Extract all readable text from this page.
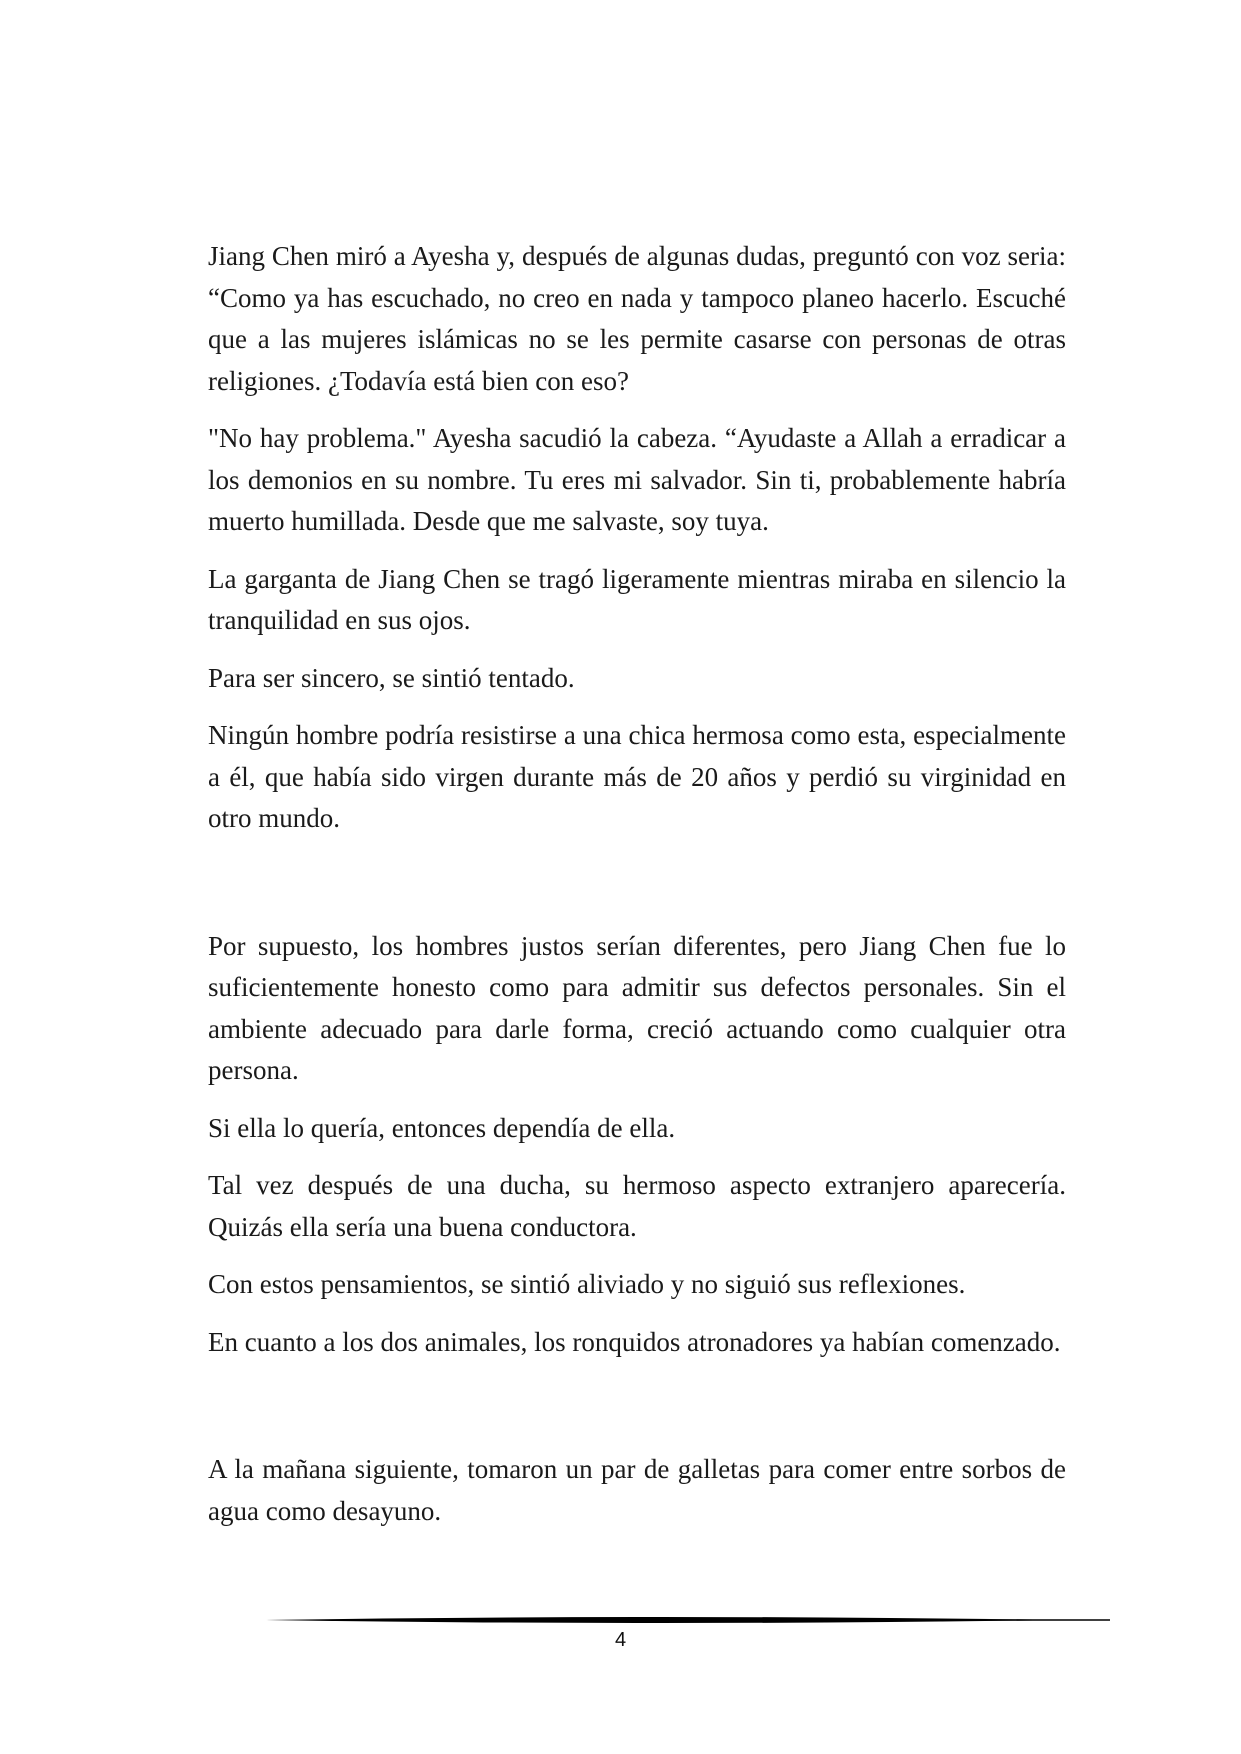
Jiang Chen miró a Ayesha y, después de algunas dudas, preguntó con voz seria: “Como ya has escuchado, no creo en nada y tampoco planeo hacerlo. Escuché que a las mujeres islámicas no se les permite casarse con personas de otras religiones. ¿Todavía está bien con eso?

"No hay problema." Ayesha sacudió la cabeza. “Ayudaste a Allah a erradicar a los demonios en su nombre. Tu eres mi salvador. Sin ti, probablemente habría muerto humillada. Desde que me salvaste, soy tuya.

La garganta de Jiang Chen se tragó ligeramente mientras miraba en silencio la tranquilidad en sus ojos.

Para ser sincero, se sintió tentado.

Ningún hombre podría resistirse a una chica hermosa como esta, especialmente a él, que había sido virgen durante más de 20 años y perdió su virginidad en otro mundo.

Por supuesto, los hombres justos serían diferentes, pero Jiang Chen fue lo suficientemente honesto como para admitir sus defectos personales. Sin el ambiente adecuado para darle forma, creció actuando como cualquier otra persona.

Si ella lo quería, entonces dependía de ella.

Tal vez después de una ducha, su hermoso aspecto extranjero aparecería. Quizás ella sería una buena conductora.

Con estos pensamientos, se sintió aliviado y no siguió sus reflexiones.

En cuanto a los dos animales, los ronquidos atronadores ya habían comenzado.

A la mañana siguiente, tomaron un par de galletas para comer entre sorbos de agua como desayuno.

4
